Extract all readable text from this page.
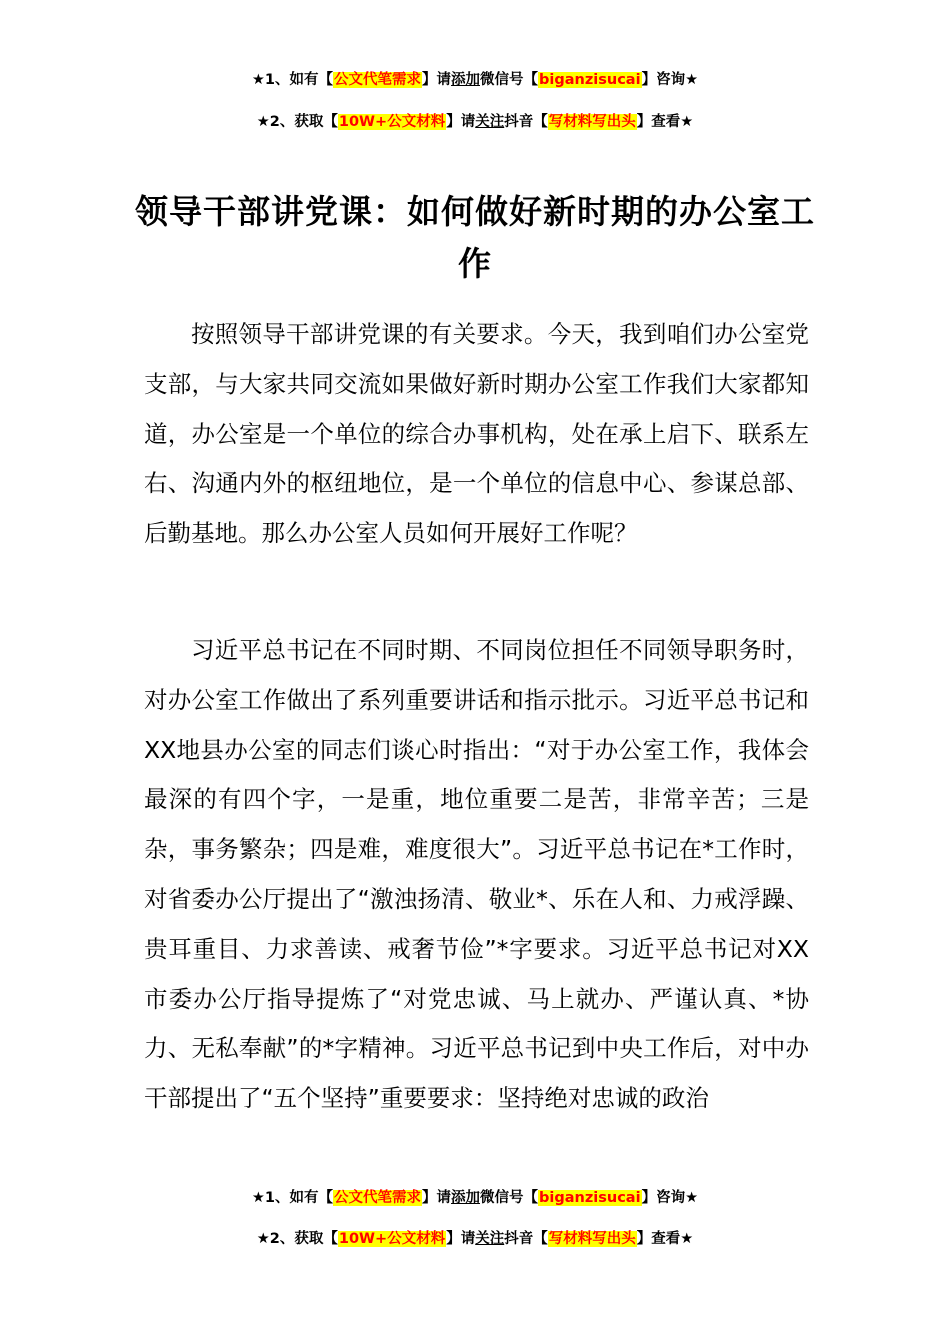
★1、如有【公文代笔需求】请添加微信号【biganzisucai】咨询★
★2、获取【10W+公文材料】请关注抖音【写材料写出头】查看★
领导干部讲党课：如何做好新时期的办公室工作

按照领导干部讲党课的有关要求。今天，我到咱们办公室党支部，与大家共同交流如果做好新时期办公室工作我们大家都知道，办公室是一个单位的综合办事机构，处在承上启下、联系左右、沟通内外的枢纽地位，是一个单位的信息中心、参谋总部、后勤基地。那么办公室人员如何开展好工作呢？

习近平总书记在不同时期、不同岗位担任不同领导职务时，对办公室工作做出了系列重要讲话和指示批示。习近平总书记和XX地县办公室的同志们谈心时指出：“对于办公室工作，我体会最深的有四个字，一是重，地位重要二是苦，非常辛苦；三是杂，事务繁杂；四是难，难度很大”。习近平总书记在*工作时，对省委办公厅提出了“激浊扬清、敬业*、乐在人和、力戒浮躁、贵耳重目、力求善读、戒奢节俭”*字要求。习近平总书记对XX市委办公厅指导提炼了“对党忠诚、马上就办、严谨认真、*协力、无私奉献”的*字精神。习近平总书记到中央工作后，对中办干部提出了“五个坚持”重要要求：坚持绝对忠诚的政治

★1、如有【公文代笔需求】请添加微信号【biganzisucai】咨询★
★2、获取【10W+公文材料】请关注抖音【写材料写出头】查看★
